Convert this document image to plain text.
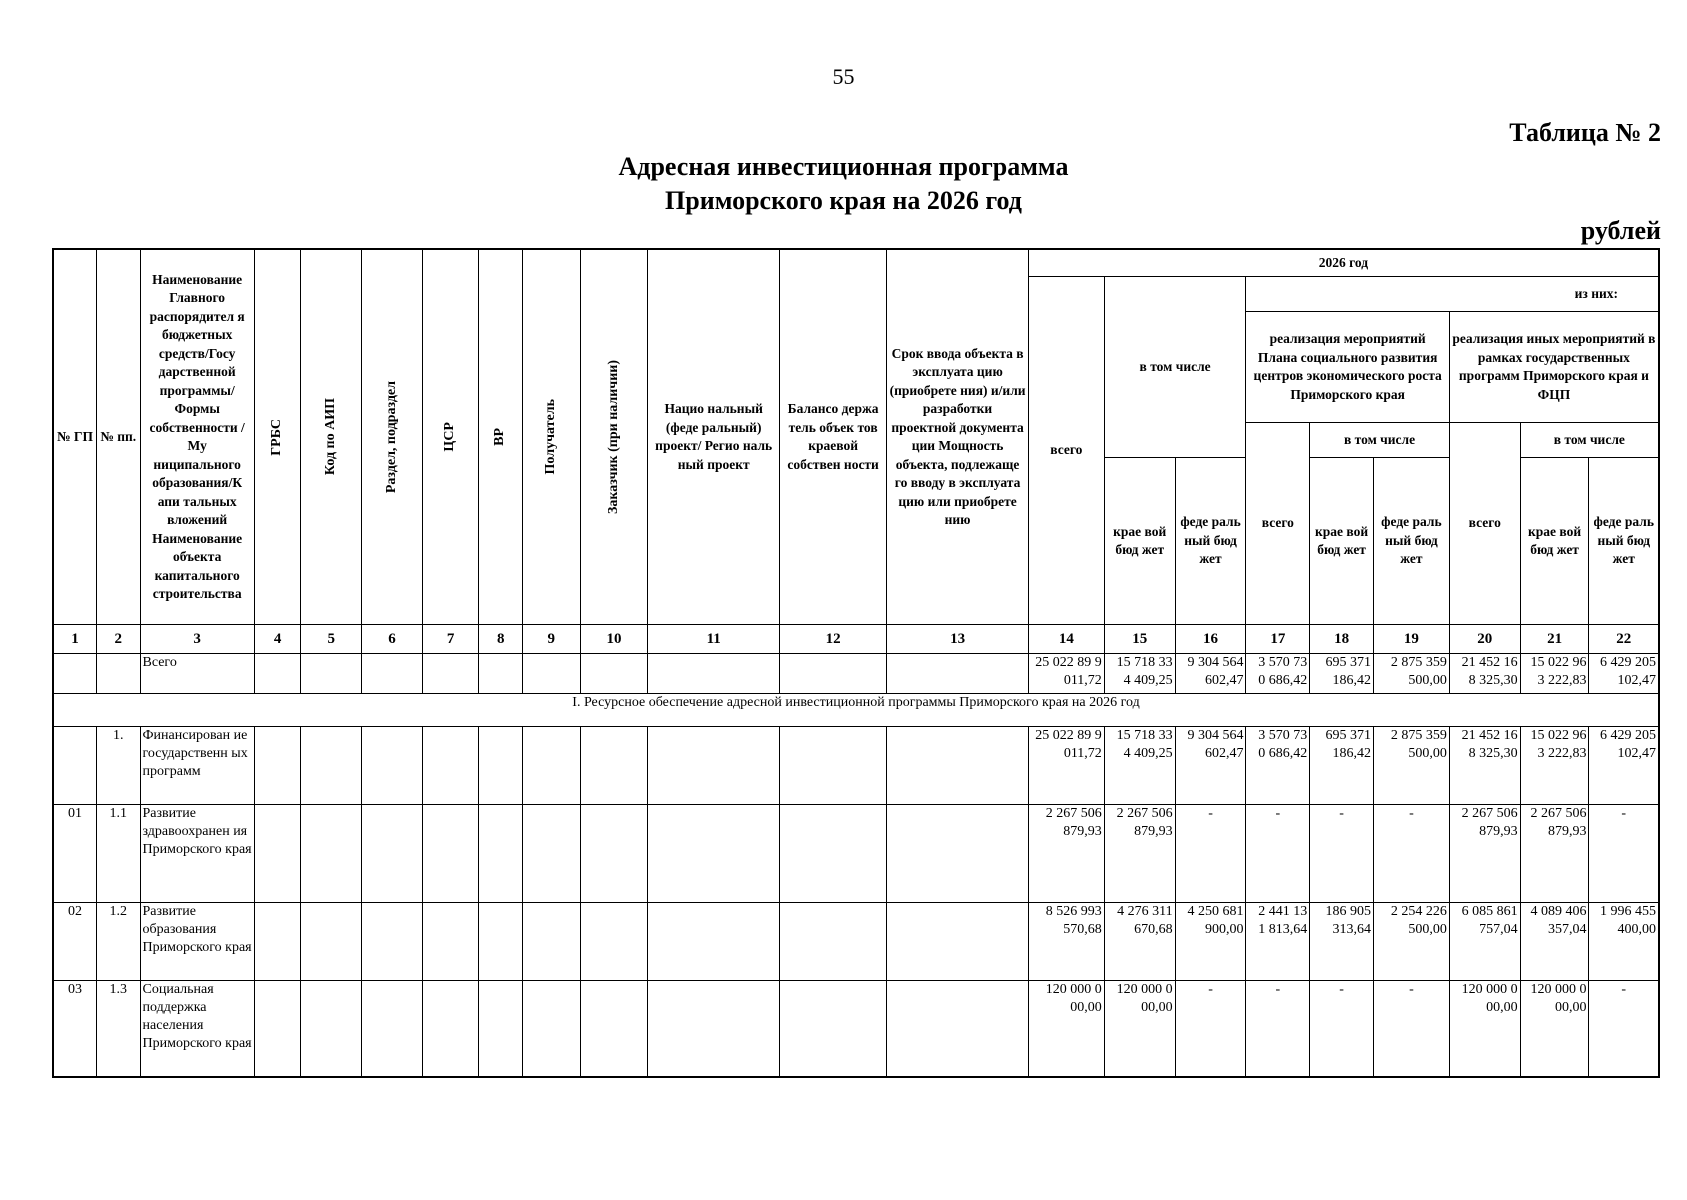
55
Таблица № 2
Адресная инвестиционная программа
Приморского края на 2026 год
рублей
№ ГП	№ пп.	Наименование Главного распорядител я бюджетных средств/Госу дарственной программы/ Формы собственности /Му ниципального образования/К апи тальных вложений Наименование объекта капитального строительства	ГРБС	Код по АИП	Раздел, подраздел	ЦСР	ВР	Получатель	Заказчик (при наличии)	Нацио нальный (феде ральный) проект/ Регио наль ный проект	Балансо держа тель объек тов краевой собствен ности	Срок ввода объекта в эксплуата цию (приобрете ния) и/или разработки проектной документа ции Мощность объекта, подлежаще го вводу в эксплуата цию или приобрете нию	2026 год								
													всего	в том числе		из них:					
																реализация мероприятий Плана социального развития центров экономического роста Приморского края			реализация иных мероприятий в рамках государственных программ Приморского края и ФЦП		
																всего	в том числе		всего	в том числе	
														крае вой бюд жет	феде раль ный бюд жет		крае вой бюд жет	феде раль ный бюд жет		крае вой бюд жет	феде раль ный бюд жет
1	2	3	4	5	6	7	8	9	10	11	12	13	14	15	16	17	18	19	20	21	22
		Всего											25 022 89 9 011,72	15 718 33 4 409,25	9 304 564 602,47	3 570 73 0 686,42	695 371 186,42	2 875 359 500,00	21 452 16 8 325,30	15 022 96 3 222,83	6 429 205 102,47
I. Ресурсное обеспечение адресной инвестиционной программы Приморского края на 2026 год																					
	1.	Финансирован ие государственн ых программ											25 022 89 9 011,72	15 718 33 4 409,25	9 304 564 602,47	3 570 73 0 686,42	695 371 186,42	2 875 359 500,00	21 452 16 8 325,30	15 022 96 3 222,83	6 429 205 102,47
01	1.1	Развитие здравоохранен ия Приморского края											2 267 506 879,93	2 267 506 879,93	-	-	-	-	2 267 506 879,93	2 267 506 879,93	-
02	1.2	Развитие образования Приморского края											8 526 993 570,68	4 276 311 670,68	4 250 681 900,00	2 441 13 1 813,64	186 905 313,64	2 254 226 500,00	6 085 861 757,04	4 089 406 357,04	1 996 455 400,00
03	1.3	Социальная поддержка населения Приморского края											120 000 0 00,00	120 000 0 00,00	-	-	-	-	120 000 0 00,00	120 000 0 00,00	-
